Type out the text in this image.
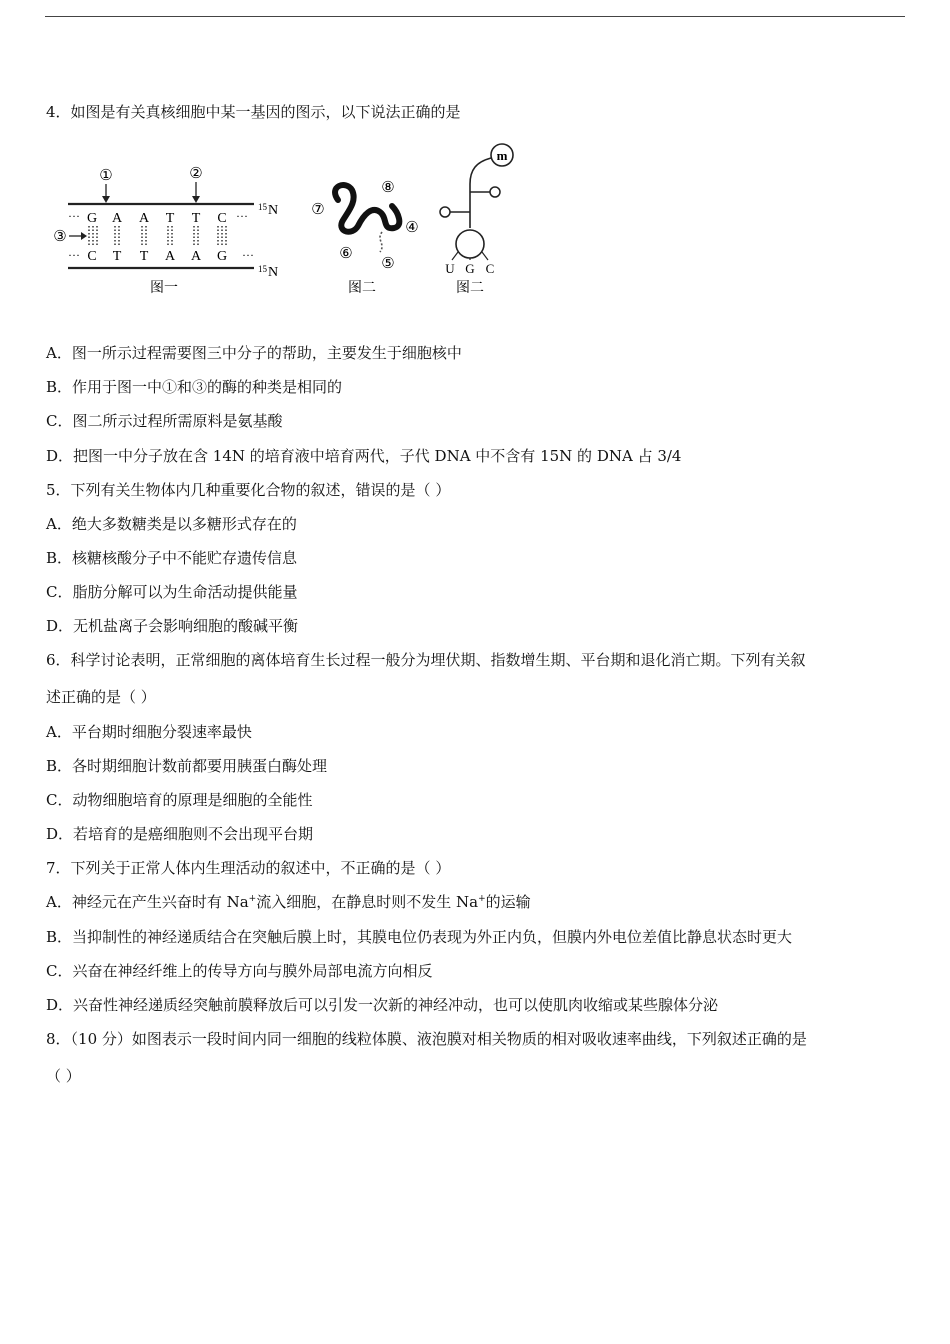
4．如图是有关真核细胞中某一基因的图示，以下说法正确的是
···	···
···	···
G A A T T C
C T T A A G
①	②
③
15 N
15 N
图一
⑦
⑧
④
⑥
⑤
图二
m
U G C
图二
A．图一所示过程需要图三中分子的帮助，主要发生于细胞核中
B．作用于图一中①和③的酶的种类是相同的
C．图二所示过程所需原料是氨基酸
D．把图一中分子放在含 14N 的培育液中培育两代，子代 DNA 中不含有 15N 的 DNA 占 3/4
5．下列有关生物体内几种重要化合物的叙述，错误的是（ ）
A．绝大多数糖类是以多糖形式存在的
B．核糖核酸分子中不能贮存遗传信息
C．脂肪分解可以为生命活动提供能量
D．无机盐离子会影响细胞的酸碱平衡
6．科学讨论表明，正常细胞的离体培育生长过程一般分为埋伏期、指数增生期、平台期和退化消亡期。下列有关叙
述正确的是（ ）
A．平台期时细胞分裂速率最快
B．各时期细胞计数前都要用胰蛋白酶处理
C．动物细胞培育的原理是细胞的全能性
D．若培育的是癌细胞则不会出现平台期
7．下列关于正常人体内生理活动的叙述中，不正确的是（ ）
A．神经元在产生兴奋时有 Na+流入细胞，在静息时则不发生 Na+的运输
B．当抑制性的神经递质结合在突触后膜上时，其膜电位仍表现为外正内负，但膜内外电位差值比静息状态时更大
C．兴奋在神经纤维上的传导方向与膜外局部电流方向相反
D．兴奋性神经递质经突触前膜释放后可以引发一次新的神经冲动，也可以使肌肉收缩或某些腺体分泌
8．（10 分）如图表示一段时间内同一细胞的线粒体膜、液泡膜对相关物质的相对吸收速率曲线，下列叙述正确的是
（ ）
